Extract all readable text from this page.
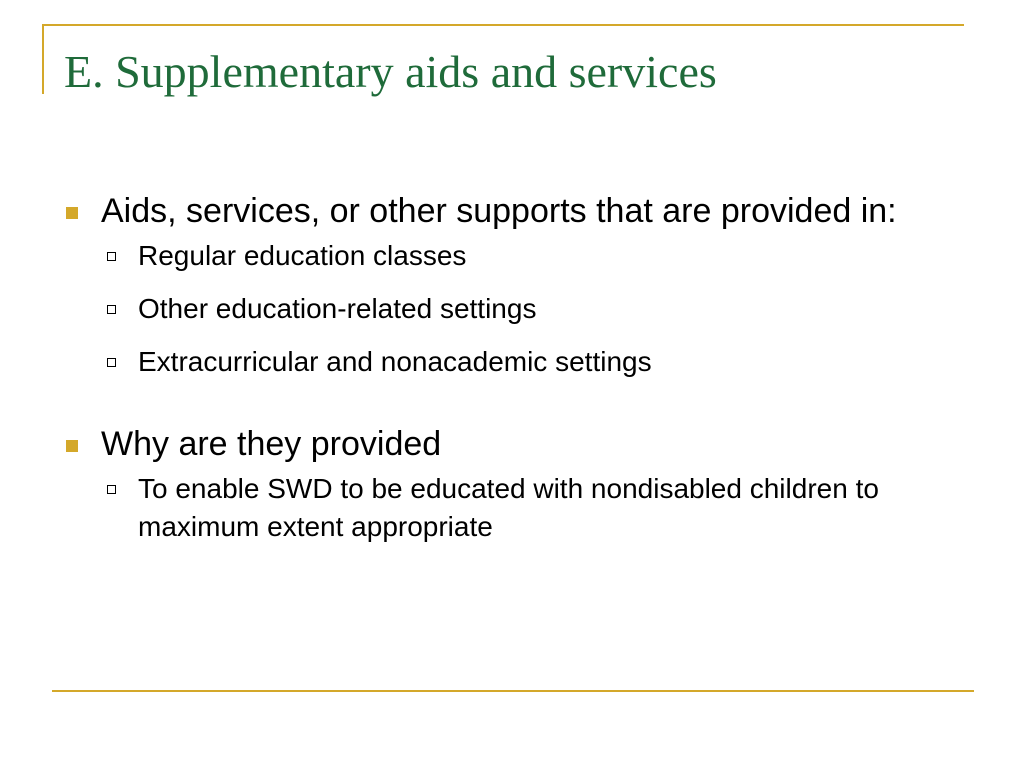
E. Supplementary aids and services
Aids, services, or other supports that are provided in:
Regular education classes
Other education-related settings
Extracurricular and nonacademic settings
Why are they provided
To enable SWD to be educated with nondisabled children to maximum extent appropriate
